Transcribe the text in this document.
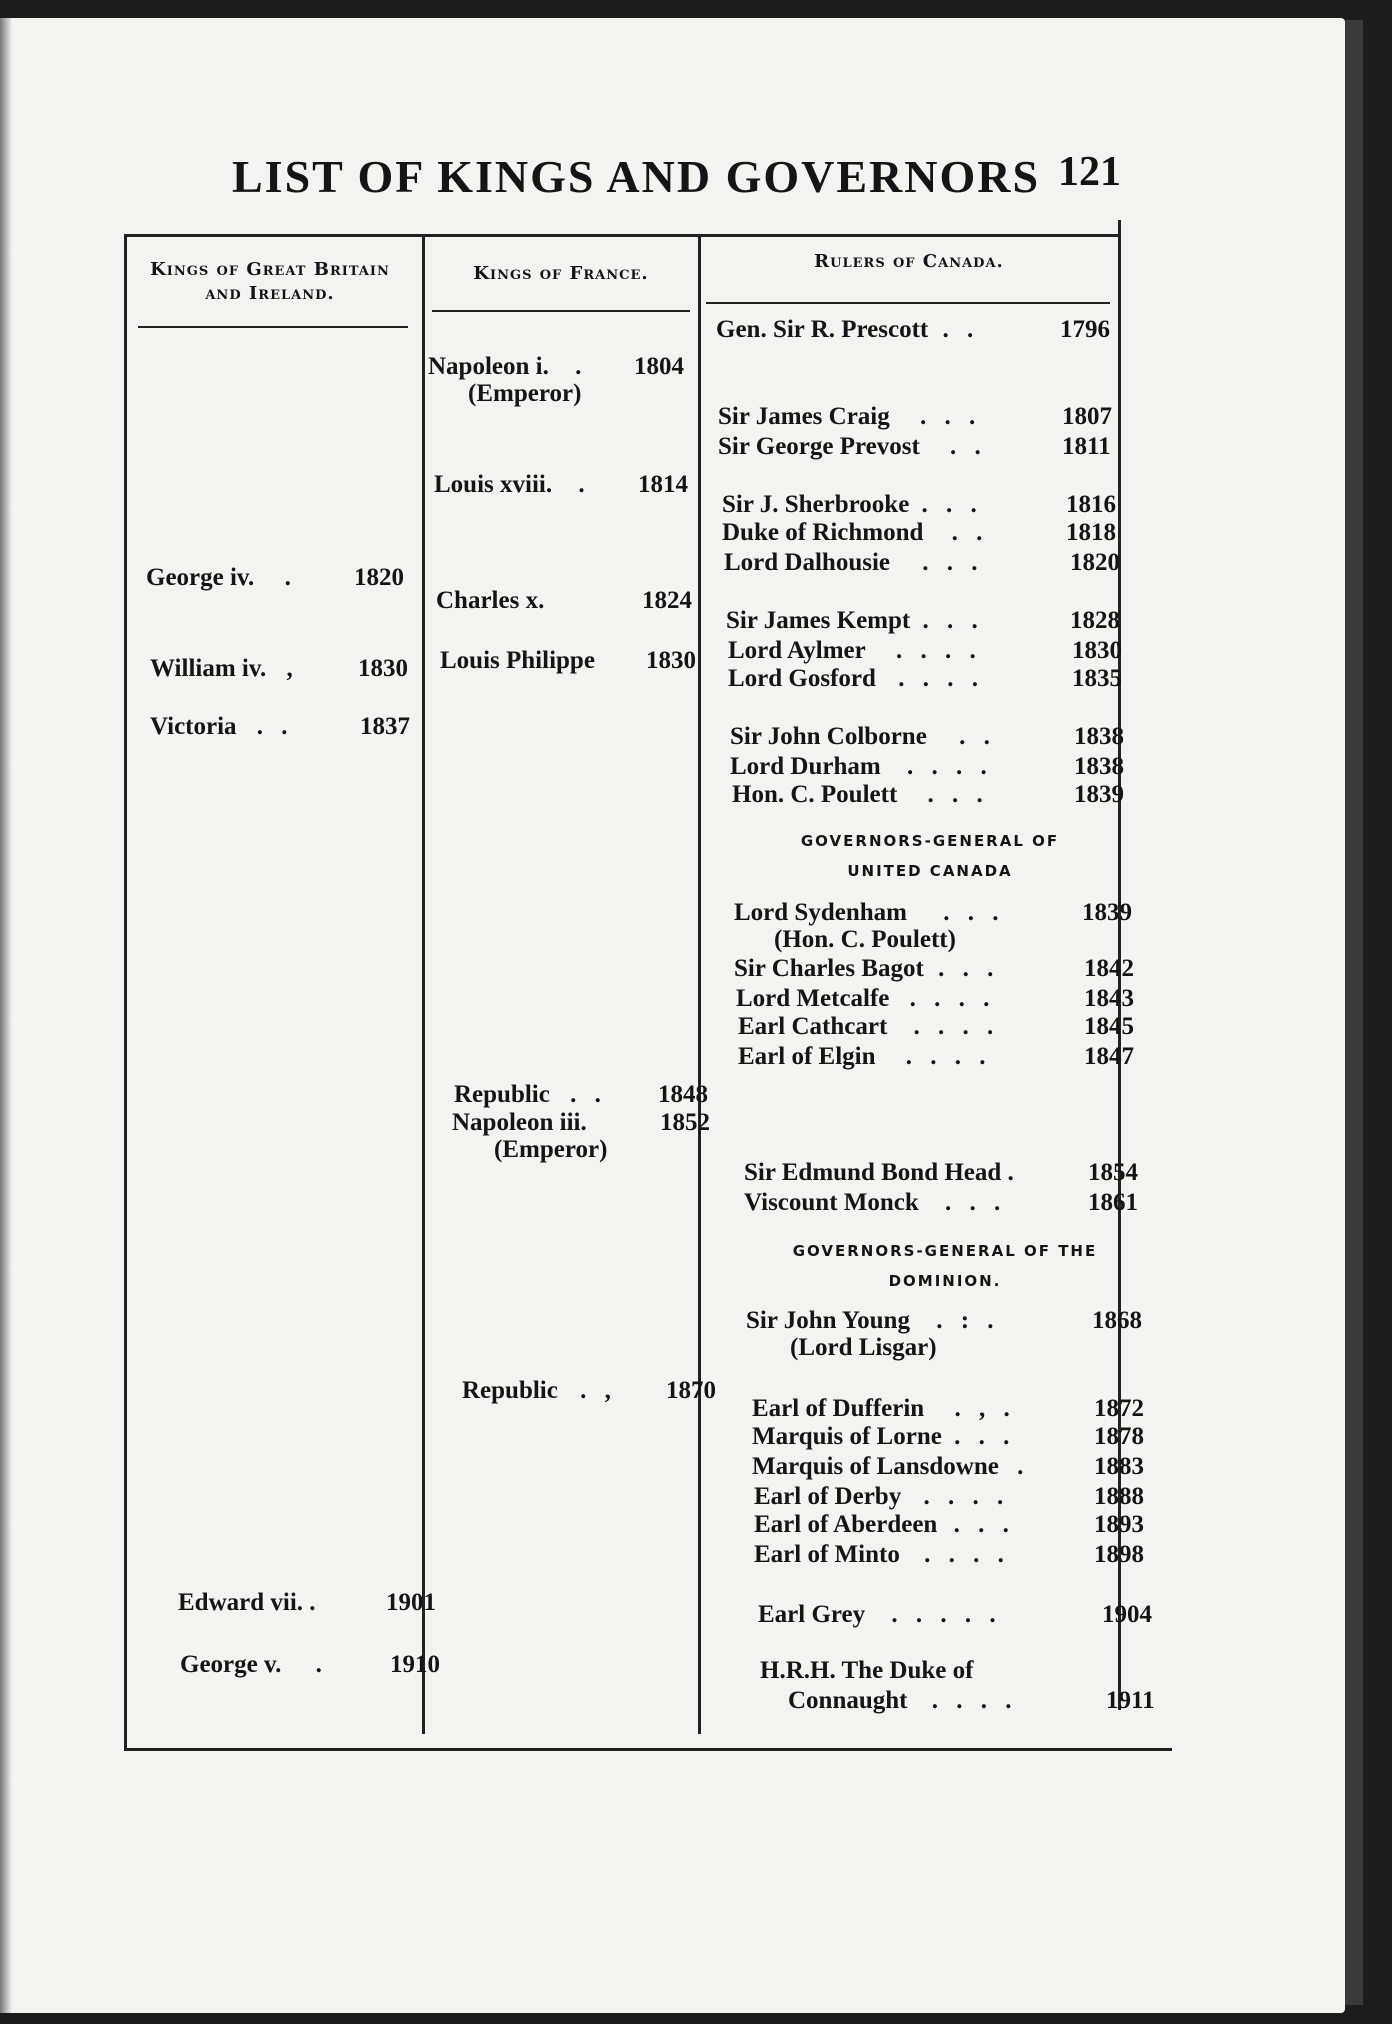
LIST OF KINGS AND GOVERNORS 121
Kings of Great Britain and Ireland.
Kings of France.
Rulers of Canada.
George iv. . 1820
William iv. , 1830
Victoria . .	1837
Edward vii. .	1901
George v. . 1910
Napoleon i. . 1804
(Emperor)
Louis xviii. . 1814
Charles x.	1824
Louis Philippe 1830
Republic . . 1848
Napoleon iii.	1852
(Emperor)
Republic . , 1870
Gen. Sir R. Prescott . .	1796
Sir James Craig . . .	1807
Sir George Prevost . .	1811
Sir J. Sherbrooke . . .	1816
Duke of Richmond . .	1818
Lord Dalhousie . . .	1820
Sir James Kempt . . .	1828
Lord Aylmer . . . .	1830
Lord Gosford . . . .	1835
Sir John Colborne . .	1838
Lord Durham . . . .	1838
Hon. C. Poulett . . .	1839
GOVERNORS-GENERAL OF UNITED CANADA
Lord Sydenham . . .	1839
(Hon. C. Poulett)
Sir Charles Bagot . . .	1842
Lord Metcalfe . . . .	1843
Earl Cathcart . . . .	1845
Earl of Elgin . . . .	1847
Sir Edmund Bond Head .	1854
Viscount Monck . . .	1861
GOVERNORS-GENERAL OF THE DOMINION.
Sir John Young . : .	1868
(Lord Lisgar)
Earl of Dufferin . , .	1872
Marquis of Lorne . . .	1878
Marquis of Lansdowne .	1883
Earl of Derby . . . .	1888
Earl of Aberdeen . . .	1893
Earl of Minto . . . .	1898
Earl Grey . . . . .	1904
H.R.H. The Duke of
Connaught . . . .	1911
